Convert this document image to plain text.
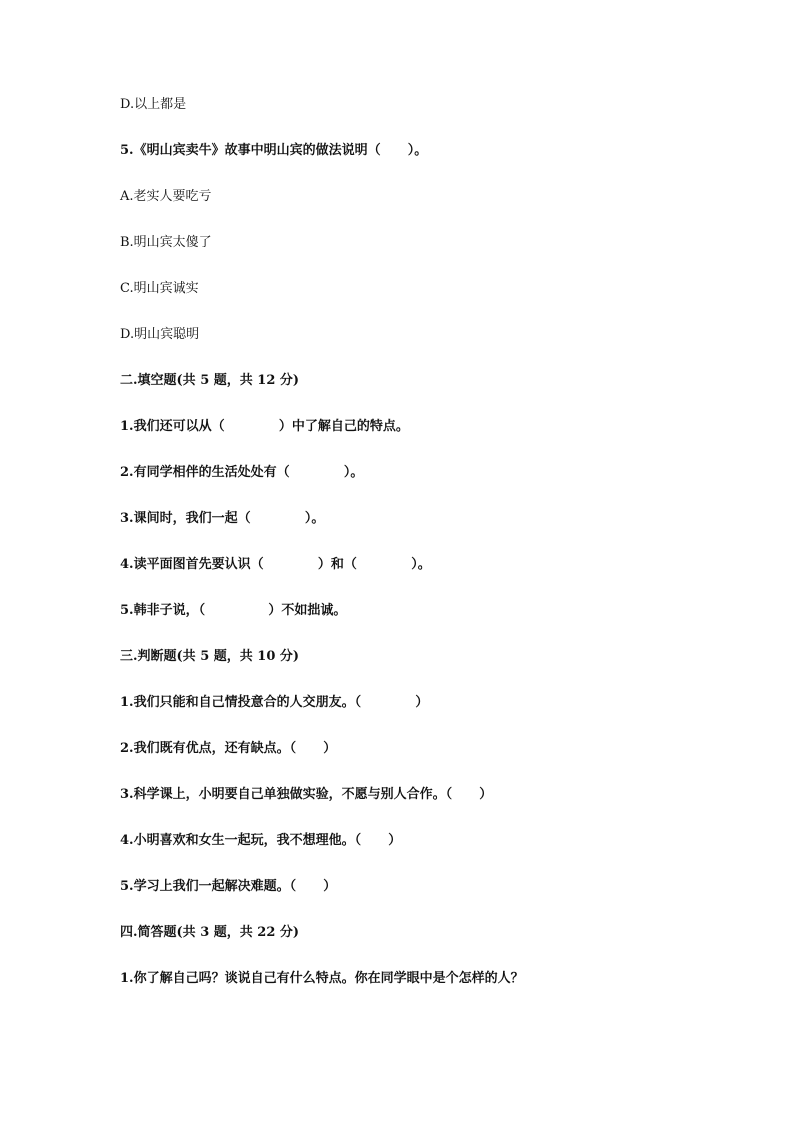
D.以上都是
5.《明山宾卖牛》故事中明山宾的做法说明（      ）。
A.老实人要吃亏
B.明山宾太傻了
C.明山宾诚实
D.明山宾聪明
二.填空题(共 5 题，共 12 分)
1.我们还可以从（            ）中了解自己的特点。
2.有同学相伴的生活处处有（            ）。
3.课间时，我们一起（            ）。
4.读平面图首先要认识（            ）和（            ）。
5.韩非子说，（              ）不如拙诚。
三.判断题(共 5 题，共 10 分)
1.我们只能和自己情投意合的人交朋友。（            ）
2.我们既有优点，还有缺点。（      ）
3.科学课上，小明要自己单独做实验，不愿与别人合作。（      ）
4.小明喜欢和女生一起玩，我不想理他。（      ）
5.学习上我们一起解决难题。（      ）
四.简答题(共 3 题，共 22 分)
1.你了解自己吗？谈说自己有什么特点。你在同学眼中是个怎样的人？
